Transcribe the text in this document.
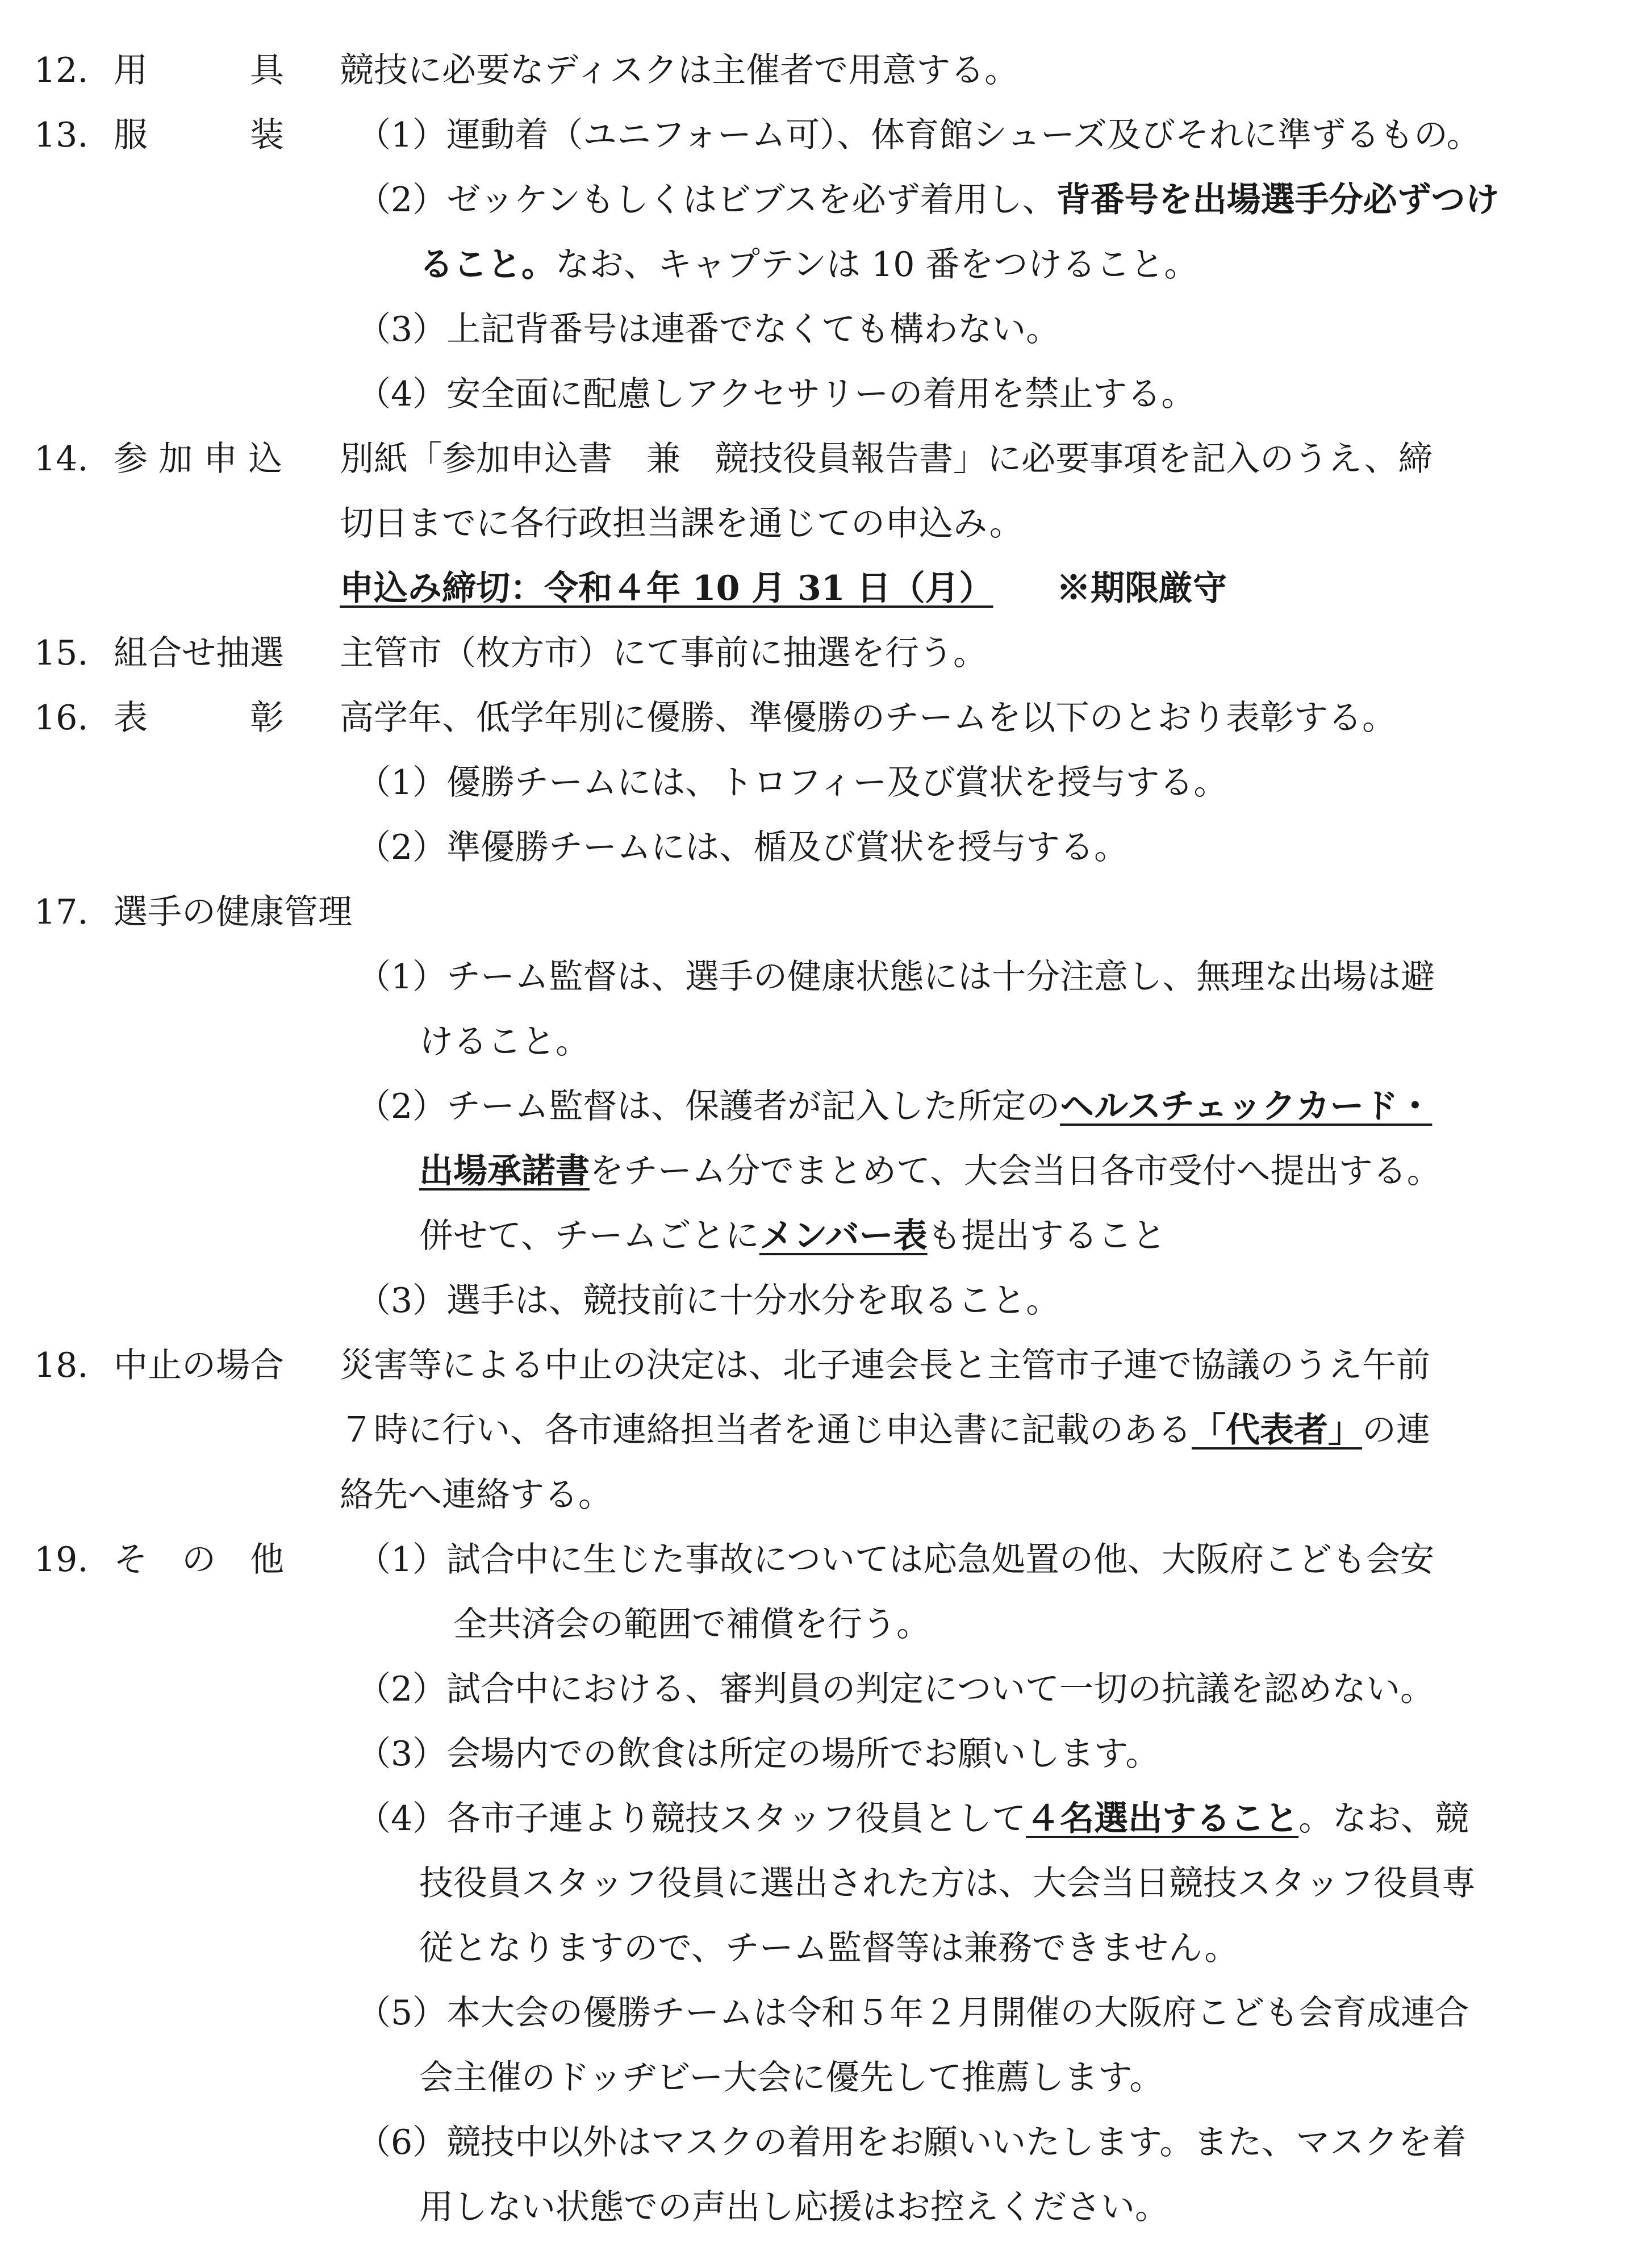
12. 用　　　具 競技に必要なディスクは主催者で用意する。
13. 服　　　装 （1）運動着（ユニフォーム可）、体育館シューズ及びそれに準ずるもの。
（2）ゼッケンもしくはビブスを必ず着用し、背番号を出場選手分必ずつけ
ること。なお、キャプテンは 10 番をつけること。
（3）上記背番号は連番でなくても構わない。
（4）安全面に配慮しアクセサリーの着用を禁止する。
14. 参 加 申 込 別紙「参加申込書　兼　競技役員報告書」に必要事項を記入のうえ、締
切日までに各行政担当課を通じての申込み。
申込み締切：令和４年 10 月 31 日（月） ※期限厳守
15. 組合せ抽選 主管市（枚方市）にて事前に抽選を行う。
16. 表　　　彰 高学年、低学年別に優勝、準優勝のチームを以下のとおり表彰する。
（1）優勝チームには、トロフィー及び賞状を授与する。
（2）準優勝チームには、楯及び賞状を授与する。
17. 選手の健康管理
（1）チーム監督は、選手の健康状態には十分注意し、無理な出場は避
けること。
（2）チーム監督は、保護者が記入した所定のヘルスチェックカード・
出場承諾書をチーム分でまとめて、大会当日各市受付へ提出する。
併せて、チームごとにメンバー表も提出すること
（3）選手は、競技前に十分水分を取ること。
18. 中止の場合 災害等による中止の決定は、北子連会長と主管市子連で協議のうえ午前
７時に行い、各市連絡担当者を通じ申込書に記載のある「代表者」の連
絡先へ連絡する。
19. そ　の　他 （1）試合中に生じた事故については応急処置の他、大阪府こども会安
全共済会の範囲で補償を行う。
（2）試合中における、審判員の判定について一切の抗議を認めない。
（3）会場内での飲食は所定の場所でお願いします。
（4）各市子連より競技スタッフ役員として４名選出すること。なお、競
技役員スタッフ役員に選出された方は、大会当日競技スタッフ役員専
従となりますので、チーム監督等は兼務できません。
（5）本大会の優勝チームは令和５年２月開催の大阪府こども会育成連合
会主催のドッヂビー大会に優先して推薦します。
（6）競技中以外はマスクの着用をお願いいたします。また、マスクを着
用しない状態での声出し応援はお控えください。
